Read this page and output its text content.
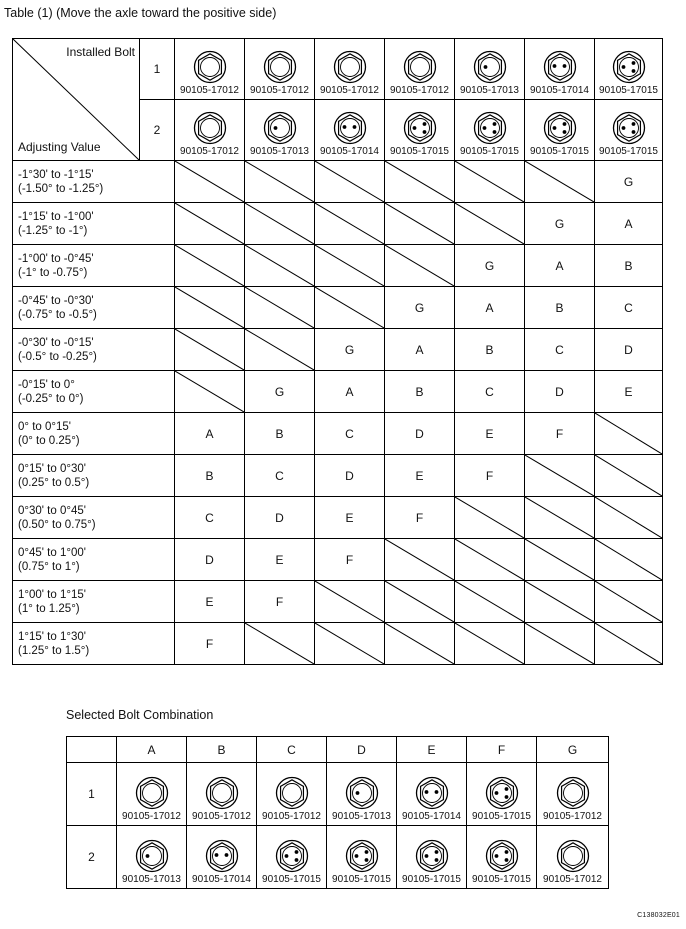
Table (1) (Move the axle toward the positive side)
Installed Bolt
Adjusting Value	1	90105-17012	90105-17012	90105-17012	90105-17012	90105-17013	90105-17014	90105-17015

	2	90105-17012	90105-17013	90105-17014	90105-17015	90105-17015	90105-17015	90105-17015

-1°30' to -1°15'
(-1.50° to -1.25°)								G

-1°15' to -1°00'
(-1.25° to -1°)							G	A

-1°00' to -0°45'
(-1° to -0.75°)						G	A	B

-0°45' to -0°30'
(-0.75° to -0.5°)					G	A	B	C

-0°30' to -0°15'
(-0.5° to -0.25°)				G	A	B	C	D

-0°15' to 0°
(-0.25° to 0°)			G	A	B	C	D	E

0° to 0°15'
(0° to 0.25°)		A	B	C	D	E	F	

0°15' to 0°30'
(0.25° to 0.5°)		B	C	D	E	F	

0°30' to 0°45'
(0.50° to 0.75°)		C	D	E	F	

0°45' to 1°00'
(0.75° to 1°)		D	E	F	

1°00' to 1°15'
(1° to 1.25°)		E	F	

1°15' to 1°30'
(1.25° to 1.5°)		F	

Selected Bolt Combination
	A	B	C	D	E	F	G
1	90105-17012	90105-17012	90105-17012	90105-17013	90105-17014	90105-17015	90105-17012

2	90105-17013	90105-17014	90105-17015	90105-17015	90105-17015	90105-17015	90105-17012
C138032E01
